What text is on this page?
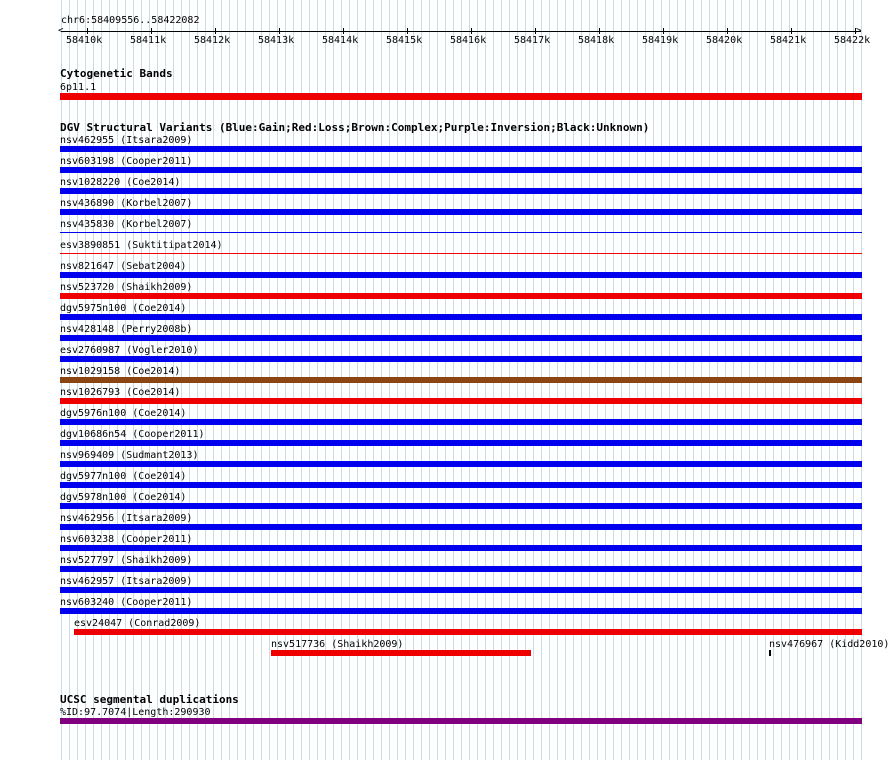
chr6:58409556..58422082
<	>
58410k	58411k	58412k	58413k	58414k	58415k	58416k	58417k	58418k	58419k	58420k	58421k	58422k
Cytogenetic Bands
6p11.1
DGV Structural Variants (Blue:Gain;Red:Loss;Brown:Complex;Purple:Inversion;Black:Unknown)
nsv462955 (Itsara2009)
nsv603198 (Cooper2011)
nsv1028220 (Coe2014)
nsv436890 (Korbel2007)
nsv435830 (Korbel2007)
esv3890851 (Suktitipat2014)
nsv821647 (Sebat2004)
nsv523720 (Shaikh2009)
dgv5975n100 (Coe2014)
nsv428148 (Perry2008b)
esv2760987 (Vogler2010)
nsv1029158 (Coe2014)
nsv1026793 (Coe2014)
dgv5976n100 (Coe2014)
dgv10686n54 (Cooper2011)
nsv969409 (Sudmant2013)
dgv5977n100 (Coe2014)
dgv5978n100 (Coe2014)
nsv462956 (Itsara2009)
nsv603238 (Cooper2011)
nsv527797 (Shaikh2009)
nsv462957 (Itsara2009)
nsv603240 (Cooper2011)
esv24047 (Conrad2009)
nsv517736 (Shaikh2009)	nsv476967 (Kidd2010)
UCSC segmental duplications
%ID:97.7074|Length:290930
